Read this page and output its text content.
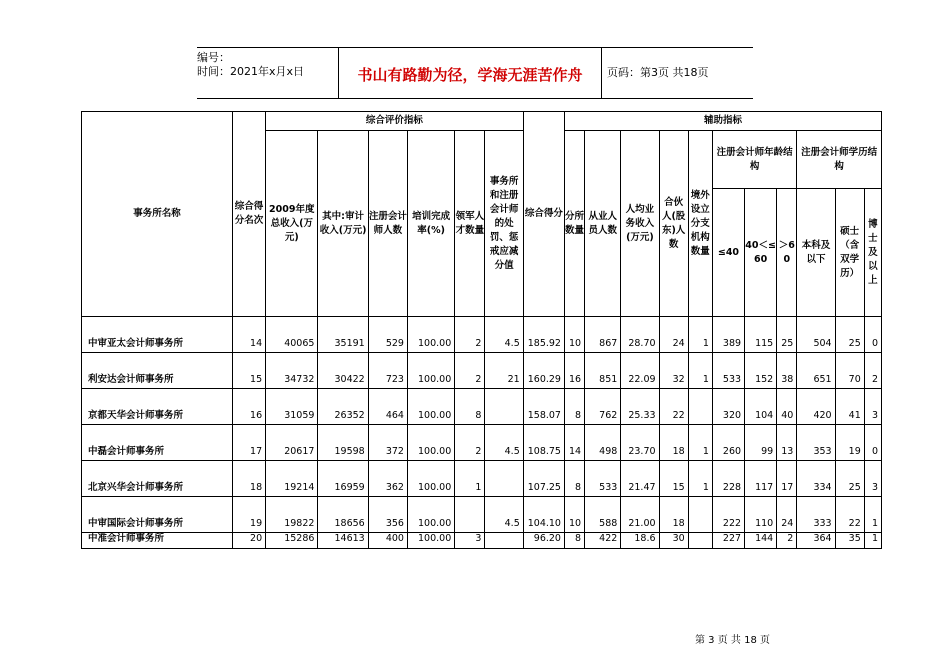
编号：
时间：2021年x月x日	书山有路勤为径，学海无涯苦作舟	页码：第3页 共18页
事务所名称	综合得分名次	综合评价指标						综合得分	辅助指标										
		2009年度总收入(万元)	其中:审计收入(万元)	注册会计师人数	培训完成率(%)	领军人才数量	事务所和注册会计师的处罚、惩戒应减分值		分所数量	从业人员人数	人均业务收入(万元)	合伙人(股东)人数	境外设立分支机构数量	注册会计师年龄结构			注册会计师学历结构		
														≤40	40＜≤60	＞60	本科及以下	硕士（含双学历）	博士及以上
中审亚太会计师事务所	14	40065	35191	529	100.00	2	4.5	185.92	10	867	28.70	24	1	389	115	25	504	25	0
利安达会计师事务所	15	34732	30422	723	100.00	2	21	160.29	16	851	22.09	32	1	533	152	38	651	70	2
京都天华会计师事务所	16	31059	26352	464	100.00	8		158.07	8	762	25.33	22		320	104	40	420	41	3
中磊会计师事务所	17	20617	19598	372	100.00	2	4.5	108.75	14	498	23.70	18	1	260	99	13	353	19	0
北京兴华会计师事务所	18	19214	16959	362	100.00	1		107.25	8	533	21.47	15	1	228	117	17	334	25	3
中审国际会计师事务所	19	19822	18656	356	100.00		4.5	104.10	10	588	21.00	18		222	110	24	333	22	1
中准会计师事务所	20	15286	14613	400	100.00	3		96.20	8	422	18.6	30		227	144	2	364	35	1
第 3 页 共 18 页
